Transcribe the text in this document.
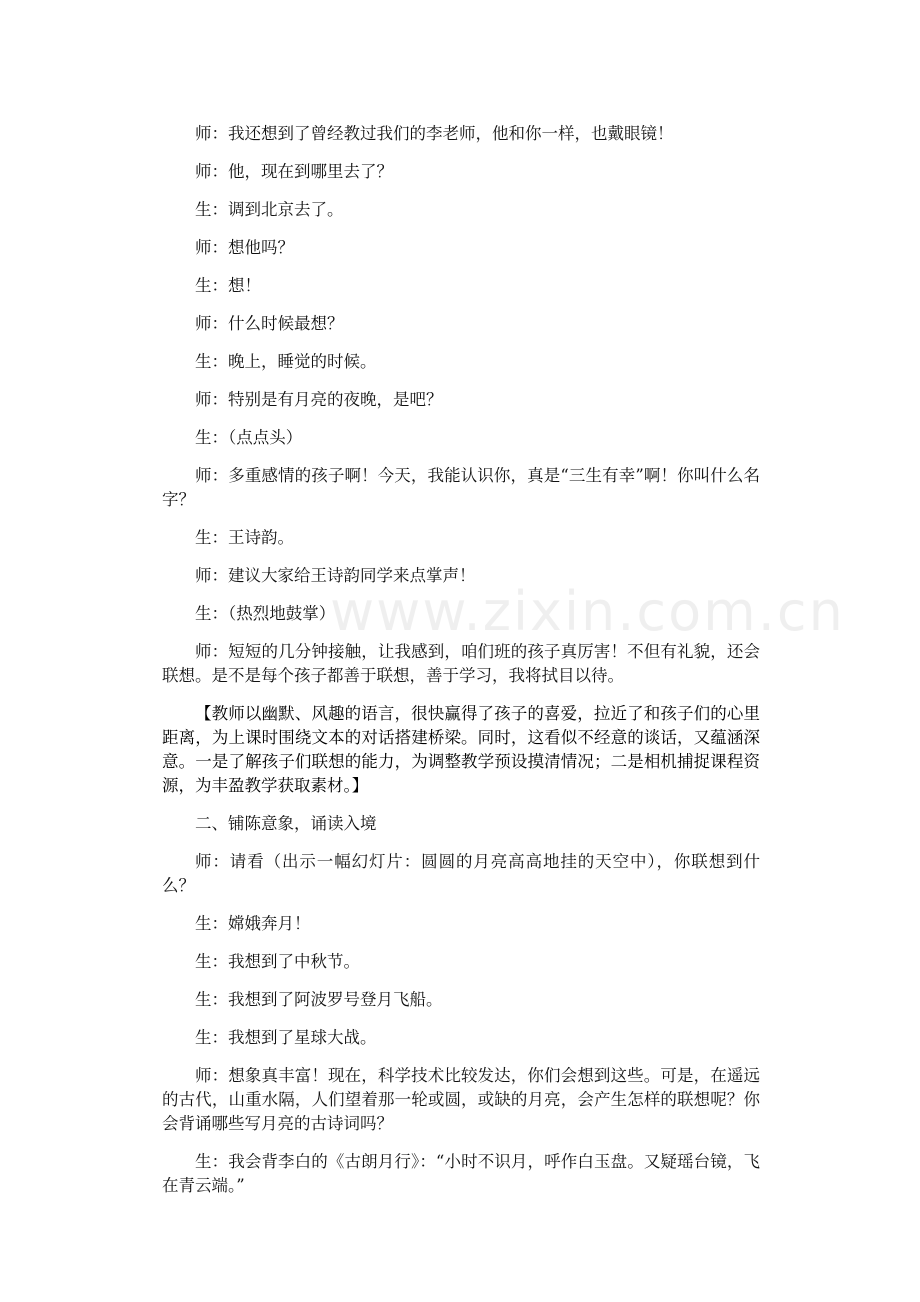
www.zixin.com.cn

师：我还想到了曾经教过我们的李老师，他和你一样，也戴眼镜！

师：他，现在到哪里去了？

生：调到北京去了。

师：想他吗？

生：想！

师：什么时候最想？

生：晚上，睡觉的时候。

师：特别是有月亮的夜晚，是吧？

生：（点点头）

师：多重感情的孩子啊！今天，我能认识你，真是“三生有幸”啊！你叫什么名字？

生：王诗韵。

师：建议大家给王诗韵同学来点掌声！

生：（热烈地鼓掌）

师：短短的几分钟接触，让我感到，咱们班的孩子真厉害！不但有礼貌，还会联想。是不是每个孩子都善于联想，善于学习，我将拭目以待。

【教师以幽默、风趣的语言，很快赢得了孩子的喜爱，拉近了和孩子们的心里距离，为上课时围绕文本的对话搭建桥梁。同时，这看似不经意的谈话，又蕴涵深意。一是了解孩子们联想的能力，为调整教学预设摸清情况；二是相机捕捉课程资源，为丰盈教学获取素材。】

二、铺陈意象，诵读入境

师：请看（出示一幅幻灯片：圆圆的月亮高高地挂的天空中），你联想到什么？

生：嫦娥奔月！

生：我想到了中秋节。

生：我想到了阿波罗号登月飞船。

生：我想到了星球大战。

师：想象真丰富！现在，科学技术比较发达，你们会想到这些。可是，在遥远的古代，山重水隔，人们望着那一轮或圆，或缺的月亮，会产生怎样的联想呢？你会背诵哪些写月亮的古诗词吗？

生：我会背李白的《古朗月行》：“小时不识月，呼作白玉盘。又疑瑶台镜，飞在青云端。”
